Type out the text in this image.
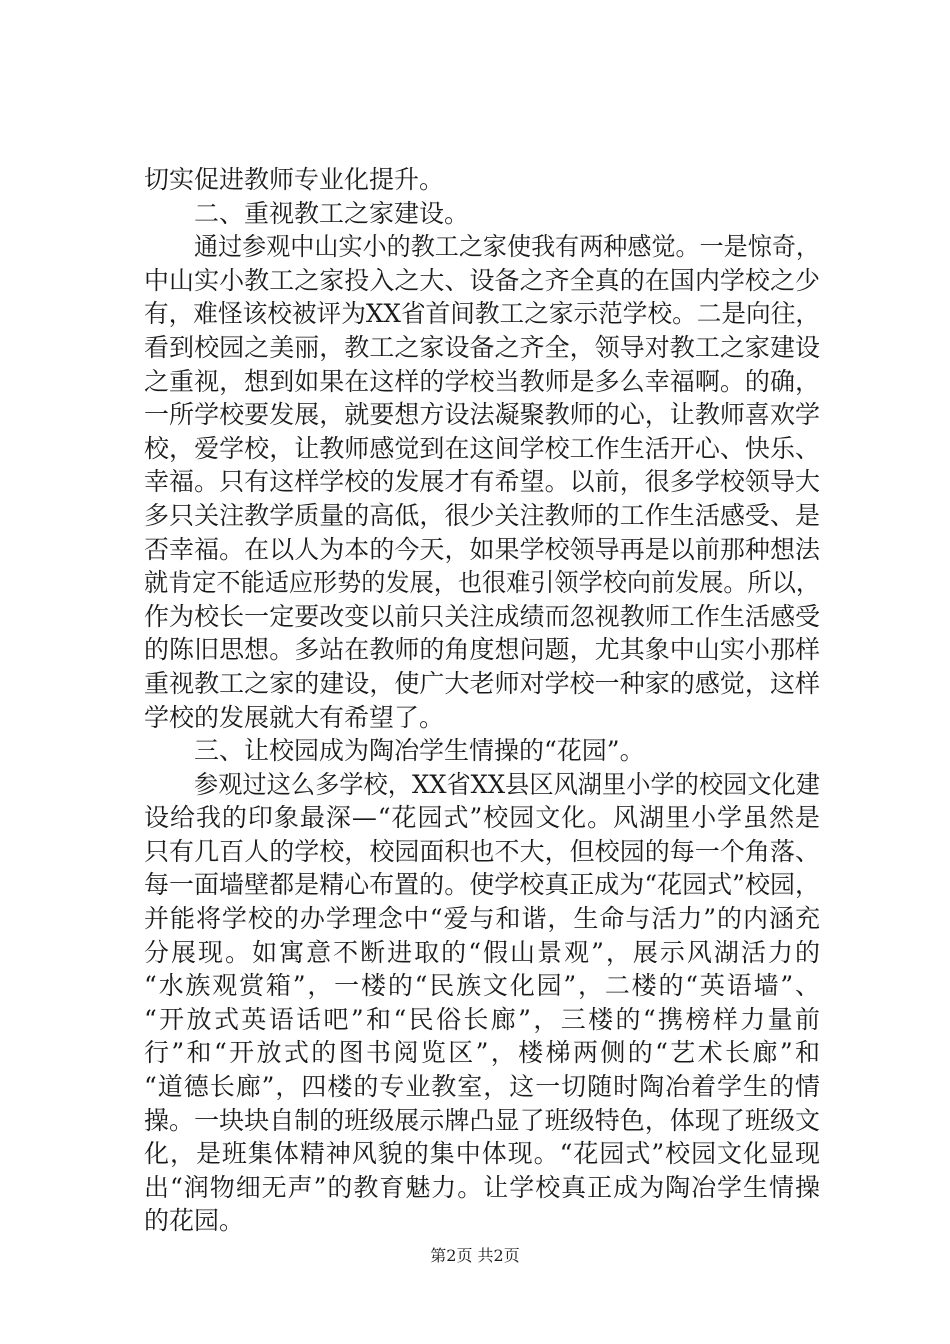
切实促进教师专业化提升。
二、重视教工之家建设。
通过参观中山实小的教工之家使我有两种感觉。一是惊奇，
中山实小教工之家投入之大、设备之齐全真的在国内学校之少
有，难怪该校被评为XX省首间教工之家示范学校。二是向往，
看到校园之美丽，教工之家设备之齐全，领导对教工之家建设
之重视，想到如果在这样的学校当教师是多么幸福啊。的确，
一所学校要发展，就要想方设法凝聚教师的心，让教师喜欢学
校，爱学校，让教师感觉到在这间学校工作生活开心、快乐、
幸福。只有这样学校的发展才有希望。以前，很多学校领导大
多只关注教学质量的高低，很少关注教师的工作生活感受、是
否幸福。在以人为本的今天，如果学校领导再是以前那种想法
就肯定不能适应形势的发展，也很难引领学校向前发展。所以，
作为校长一定要改变以前只关注成绩而忽视教师工作生活感受
的陈旧思想。多站在教师的角度想问题，尤其象中山实小那样
重视教工之家的建设，使广大老师对学校一种家的感觉，这样
学校的发展就大有希望了。
三、让校园成为陶冶学生情操的“花园”。
参观过这么多学校，XX省XX县区风湖里小学的校园文化建
设给我的印象最深—“花园式”校园文化。风湖里小学虽然是
只有几百人的学校，校园面积也不大，但校园的每一个角落、
每一面墙壁都是精心布置的。使学校真正成为“花园式”校园，
并能将学校的办学理念中“爱与和谐，生命与活力”的内涵充
分展现。如寓意不断进取的“假山景观”，展示风湖活力的
“水族观赏箱”，一楼的“民族文化园”，二楼的“英语墙”、
“开放式英语话吧”和“民俗长廊”，三楼的“携榜样力量前
行”和“开放式的图书阅览区”，楼梯两侧的“艺术长廊”和
“道德长廊”，四楼的专业教室，这一切随时陶冶着学生的情
操。一块块自制的班级展示牌凸显了班级特色，体现了班级文
化，是班集体精神风貌的集中体现。“花园式”校园文化显现
出“润物细无声”的教育魅力。让学校真正成为陶冶学生情操
的花园。
第2页 共2页
